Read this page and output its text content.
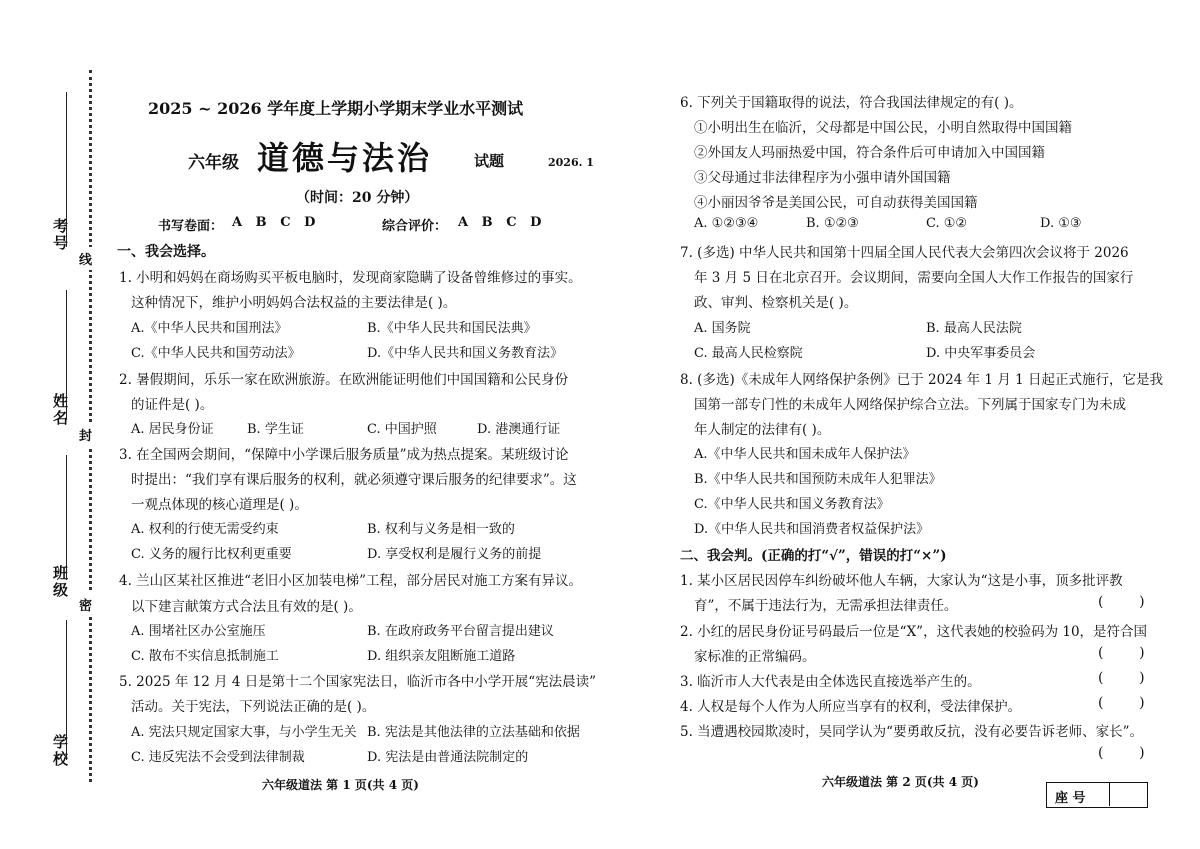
考号
姓名
班级
学校
线
封
密
2025 ~ 2026 学年度上学期小学期末学业水平测试
六年级 道德与法治	试题	2026. 1
（时间：20 分钟）
书写卷面： A   B   C   D	综合评价： A   B   C   D
一、我会选择。
1. 小明和妈妈在商场购买平板电脑时，发现商家隐瞒了设备曾维修过的事实。
这种情况下，维护小明妈妈合法权益的主要法律是( )。
A.《中华人民共和国刑法》	B.《中华人民共和国民法典》
C.《中华人民共和国劳动法》	D.《中华人民共和国义务教育法》
2. 暑假期间，乐乐一家在欧洲旅游。在欧洲能证明他们中国国籍和公民身份
的证件是( )。
A. 居民身份证	B. 学生证	C. 中国护照	D. 港澳通行证
3. 在全国两会期间，“保障中小学课后服务质量”成为热点提案。某班级讨论
时提出：“我们享有课后服务的权利，就必须遵守课后服务的纪律要求”。这
一观点体现的核心道理是( )。
A. 权利的行使无需受约束	B. 权利与义务是相一致的
C. 义务的履行比权利更重要	D. 享受权利是履行义务的前提
4. 兰山区某社区推进“老旧小区加装电梯”工程，部分居民对施工方案有异议。
以下建言献策方式合法且有效的是( )。
A. 围堵社区办公室施压	B. 在政府政务平台留言提出建议
C. 散布不实信息抵制施工	D. 组织亲友阻断施工道路
5. 2025 年 12 月 4 日是第十二个国家宪法日，临沂市各中小学开展“宪法晨读”
活动。关于宪法，下列说法正确的是( )。
A. 宪法只规定国家大事，与小学生无关 B. 宪法是其他法律的立法基础和依据
C. 违反宪法不会受到法律制裁	D. 宪法是由普通法院制定的
六年级道法 第 1 页(共 4 页)
6. 下列关于国籍取得的说法，符合我国法律规定的有( )。
①小明出生在临沂，父母都是中国公民，小明自然取得中国国籍
②外国友人玛丽热爱中国，符合条件后可申请加入中国国籍
③父母通过非法律程序为小强申请外国国籍
④小丽因爷爷是美国公民，可自动获得美国国籍
A. ①②③④	B. ①②③	C. ①②	D. ①③
7. (多选) 中华人民共和国第十四届全国人民代表大会第四次会议将于 2026
年 3 月 5 日在北京召开。会议期间，需要向全国人大作工作报告的国家行
政、审判、检察机关是( )。
A. 国务院	B. 最高人民法院
C. 最高人民检察院	D. 中央军事委员会
8. (多选)《未成年人网络保护条例》已于 2024 年 1 月 1 日起正式施行，它是我
国第一部专门性的未成年人网络保护综合立法。下列属于国家专门为未成
年人制定的法律有( )。
A.《中华人民共和国未成年人保护法》
B.《中华人民共和国预防未成年人犯罪法》
C.《中华人民共和国义务教育法》
D.《中华人民共和国消费者权益保护法》
二、我会判。(正确的打“√”，错误的打“×”)
1. 某小区居民因停车纠纷破坏他人车辆，大家认为“这是小事，顶多批评教
育”，不属于违法行为，无需承担法律责任。	(        )
2. 小红的居民身份证号码最后一位是“X”，这代表她的校验码为 10，是符合国
家标准的正常编码。	(        )
3. 临沂市人大代表是由全体选民直接选举产生的。	(        )
4. 人权是每个人作为人所应当享有的权利，受法律保护。	(        )
5. 当遭遇校园欺凌时，吴同学认为“要勇敢反抗，没有必要告诉老师、家长”。
(        )
六年级道法 第 2 页(共 4 页)
座 号
